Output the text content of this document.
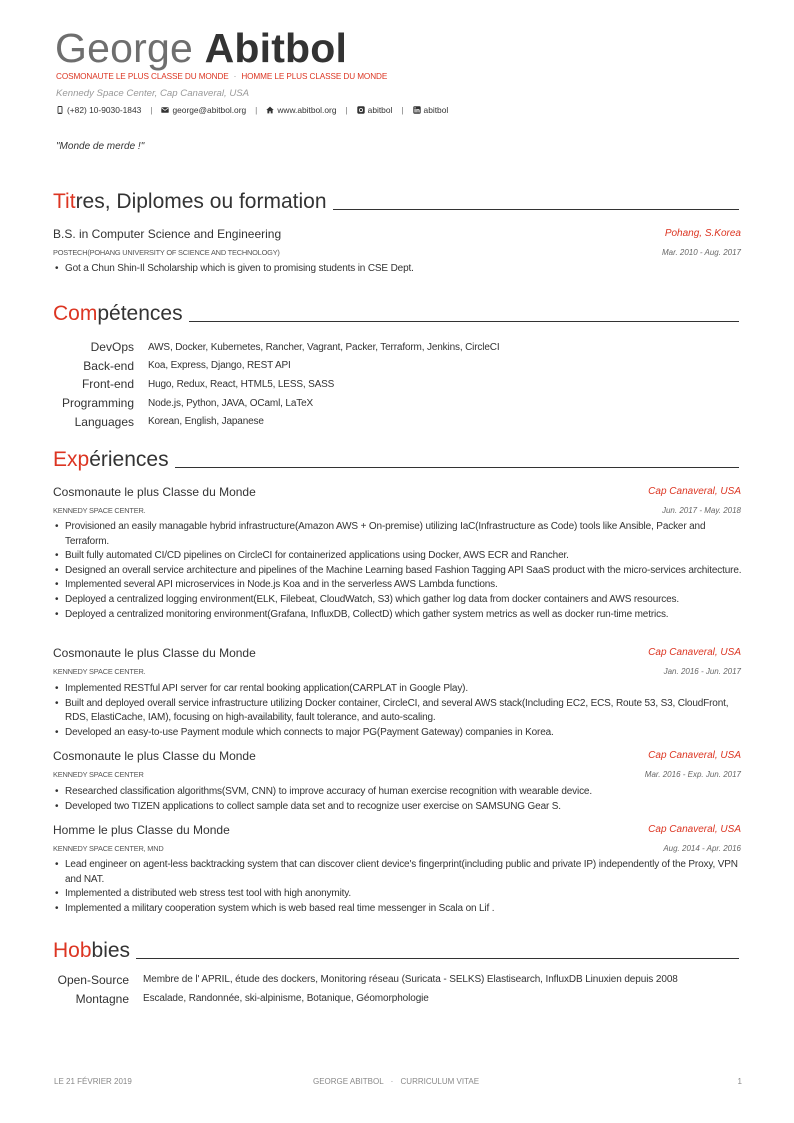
George Abitbol
COSMONAUTE LE PLUS CLASSE DU MONDE · HOMME LE PLUS CLASSE DU MONDE
Kennedy Space Center, Cap Canaveral, USA
(+82) 10-9030-1843 | george@abitbol.org | www.abitbol.org | abitbol | abitbol
"Monde de merde !"
Tit res, Diplomes ou formation
B.S. in Computer Science and Engineering	Pohang, S.Korea
POSTECH(POHANG UNIVERSITY OF SCIENCE AND TECHNOLOGY)	Mar. 2010 - Aug. 2017
• Got a Chun Shin-Il Scholarship which is given to promising students in CSE Dept.
Com pétences
DevOps AWS, Docker, Kubernetes, Rancher, Vagrant, Packer, Terraform, Jenkins, CircleCI
Back-end Koa, Express, Django, REST API
Front-end Hugo, Redux, React, HTML5, LESS, SASS
Programming Node.js, Python, JAVA, OCaml, LaTeX
Languages Korean, English, Japanese
Exp ériences
Cosmonaute le plus Classe du Monde	Cap Canaveral, USA
KENNEDY SPACE CENTER.	Jun. 2017 - May. 2018
• Provisioned an easily managable hybrid infrastructure(Amazon AWS + On-premise) utilizing IaC(Infrastructure as Code) tools like Ansible, Packer and Terraform.
• Built fully automated CI/CD pipelines on CircleCI for containerized applications using Docker, AWS ECR and Rancher.
• Designed an overall service architecture and pipelines of the Machine Learning based Fashion Tagging API SaaS product with the micro-services architecture.
• Implemented several API microservices in Node.js Koa and in the serverless AWS Lambda functions.
• Deployed a centralized logging environment(ELK, Filebeat, CloudWatch, S3) which gather log data from docker containers and AWS resources.
• Deployed a centralized monitoring environment(Grafana, InfluxDB, CollectD) which gather system metrics as well as docker run-time metrics.
Cosmonaute le plus Classe du Monde	Cap Canaveral, USA
KENNEDY SPACE CENTER.	Jan. 2016 - Jun. 2017
• Implemented RESTful API server for car rental booking application(CARPLAT in Google Play).
• Built and deployed overall service infrastructure utilizing Docker container, CircleCI, and several AWS stack(Including EC2, ECS, Route 53, S3, CloudFront, RDS, ElastiCache, IAM), focusing on high-availability, fault tolerance, and auto-scaling.
• Developed an easy-to-use Payment module which connects to major PG(Payment Gateway) companies in Korea.
Cosmonaute le plus Classe du Monde	Cap Canaveral, USA
KENNEDY SPACE CENTER	Mar. 2016 - Exp. Jun. 2017
• Researched classification algorithms(SVM, CNN) to improve accuracy of human exercise recognition with wearable device.
• Developed two TIZEN applications to collect sample data set and to recognize user exercise on SAMSUNG Gear S.
Homme le plus Classe du Monde	Cap Canaveral, USA
KENNEDY SPACE CENTER, MND	Aug. 2014 - Apr. 2016
• Lead engineer on agent-less backtracking system that can discover client device's fingerprint(including public and private IP) independently of the Proxy, VPN and NAT.
• Implemented a distributed web stress test tool with high anonymity.
• Implemented a military cooperation system which is web based real time messenger in Scala on Lif .
Hob bies
Open-Source Membre de l' APRIL, étude des dockers, Monitoring réseau (Suricata - SELKS) Elastisearch, InfluxDB Linuxien depuis 2008
Montagne Escalade, Randonnée, ski-alpinisme, Botanique, Géomorphologie
LE 21 FÉVRIER 2019	GEORGE ABITBOL · CURRICULUM VITAE	1
